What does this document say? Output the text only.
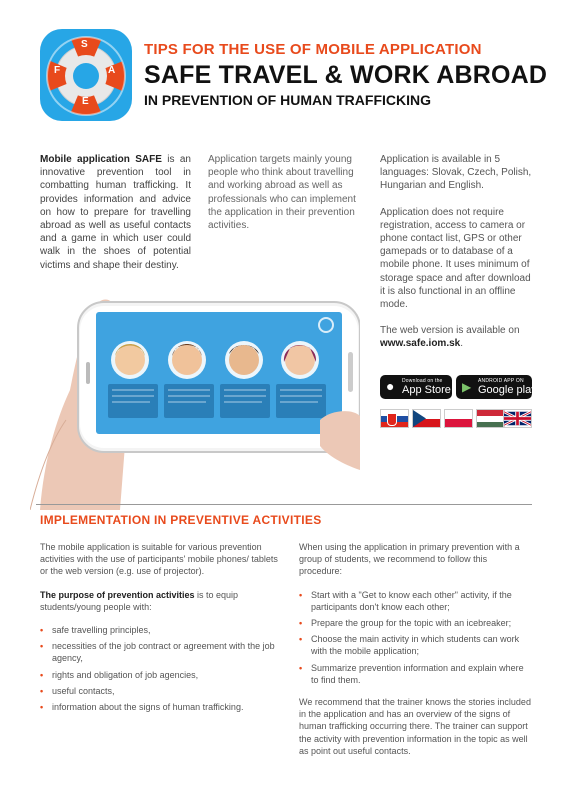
S
A
F
E
TIPS FOR THE USE OF MOBILE APPLICATION
SAFE TRAVEL & WORK ABROAD
IN PREVENTION OF HUMAN TRAFFICKING

Mobile application SAFE is an innovative prevention tool in combatting human trafficking. It provides information and advice on how to prepare for travelling abroad as well as useful contacts and a game in which user could walk in the shoes of potential victims and shape their destiny.

Application targets mainly young people who think about travelling and working abroad as well as professionals who can implement the application in their prevention activities.

Application is available in 5 languages: Slovak, Czech, Polish, Hungarian and English.

Application does not require registration, access to camera or phone contact list, GPS or other gamepads or to database of a mobile phone. It uses minimum of storage space and after download it is also functional in an offline mode.

The web version is available on
www.safe.iom.sk.

● Download on the
App Store ▶ ANDROID APP ON
Google play
IMPLEMENTATION IN PREVENTIVE ACTIVITIES

The mobile application is suitable for various prevention activities with the use of participants' mobile phones/ tablets or the web version (e.g. use of projector).

The purpose of prevention activities is to equip students/young people with:

• safe travelling principles,
• necessities of the job contract or agreement with the job agency,
• rights and obligation of job agencies,
• useful contacts,
• information about the signs of human trafficking.

When using the application in primary prevention with a group of students, we recommend to follow this procedure:

• Start with a "Get to know each other" activity, if the participants don't know each other;
• Prepare the group for the topic with an icebreaker;
• Choose the main activity in which students can work with the mobile application;
• Summarize prevention information and explain where to find them.

We recommend that the trainer knows the stories included in the application and has an overview of the signs of human trafficking occurring there. The trainer can support the activity with prevention information in the topic as well as point out useful contacts.
